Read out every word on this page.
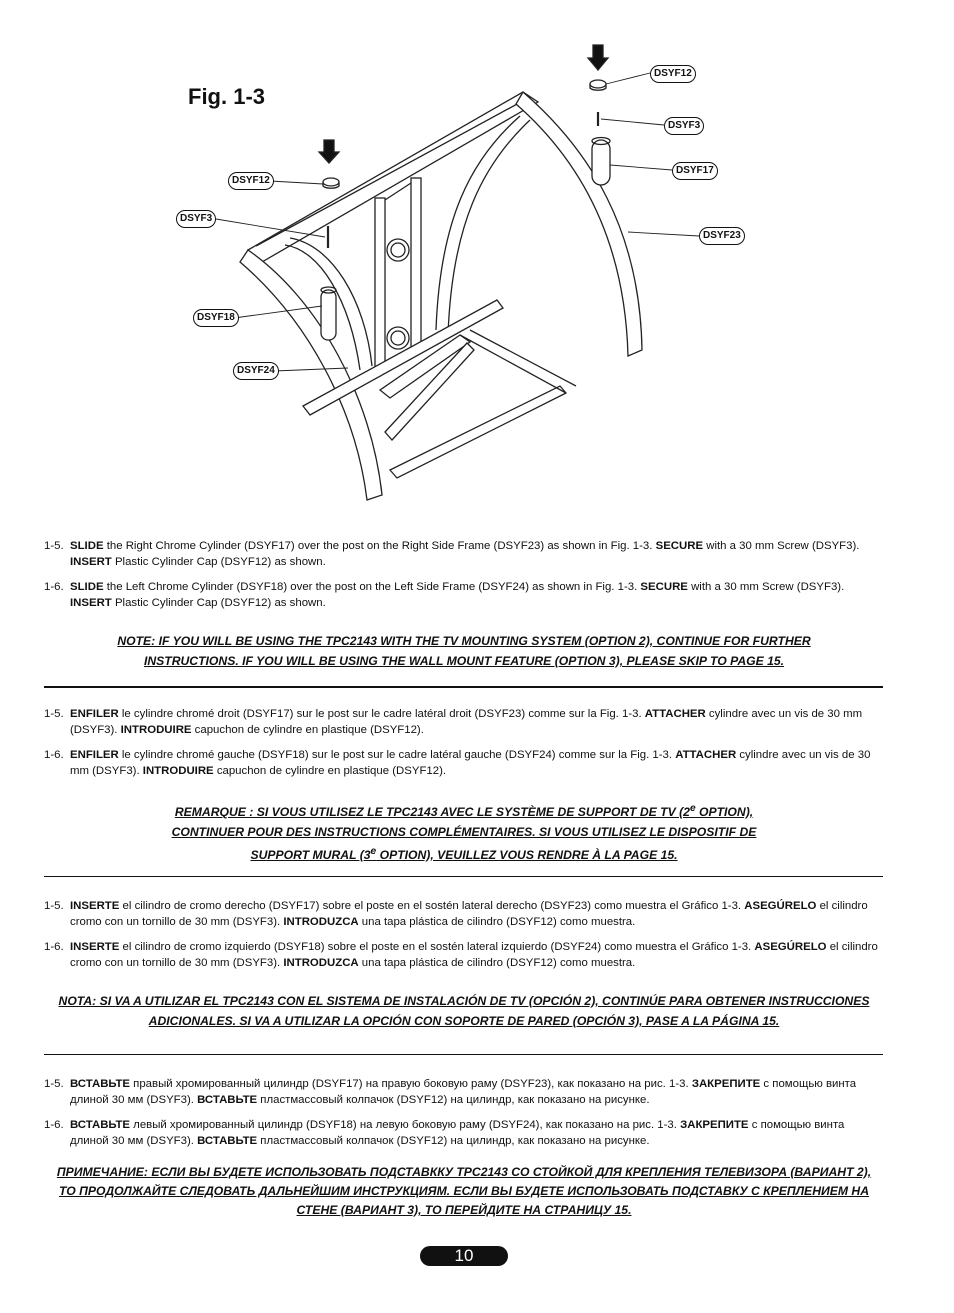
Fig. 1-3
DSYF12
DSYF3
DSYF17
DSYF23
DSYF12
DSYF3
DSYF18
DSYF24

1-5. SLIDE the Right Chrome Cylinder (DSYF17) over the post on the Right Side Frame (DSYF23) as shown in Fig. 1-3. SECURE with a 30 mm Screw (DSYF3). INSERT Plastic Cylinder Cap (DSYF12) as shown.

1-6. SLIDE the Left Chrome Cylinder (DSYF18) over the post on the Left Side Frame (DSYF24) as shown in Fig. 1-3. SECURE with a 30 mm Screw (DSYF3). INSERT Plastic Cylinder Cap (DSYF12) as shown.

NOTE: IF YOU WILL BE USING THE TPC2143 WITH THE TV MOUNTING SYSTEM (OPTION 2), CONTINUE FOR FURTHER INSTRUCTIONS. IF YOU WILL BE USING THE WALL MOUNT FEATURE (OPTION 3), PLEASE SKIP TO PAGE 15.

1-5. ENFILER le cylindre chromé droit (DSYF17) sur le post sur le cadre latéral droit (DSYF23) comme sur la Fig. 1-3. ATTACHER cylindre avec un vis de 30 mm (DSYF3). INTRODUIRE capuchon de cylindre en plastique (DSYF12).

1-6. ENFILER le cylindre chromé gauche (DSYF18) sur le post sur le cadre latéral gauche (DSYF24) comme sur la Fig. 1-3. ATTACHER cylindre avec un vis de 30 mm (DSYF3). INTRODUIRE capuchon de cylindre en plastique (DSYF12).

REMARQUE : SI VOUS UTILISEZ LE TPC2143 AVEC LE SYSTÈME DE SUPPORT DE TV (2e OPTION),
CONTINUER POUR DES INSTRUCTIONS COMPLÉMENTAIRES. SI VOUS UTILISEZ LE DISPOSITIF DE
SUPPORT MURAL (3e OPTION), VEUILLEZ VOUS RENDRE À LA PAGE 15.

1-5. INSERTE el cilindro de cromo derecho (DSYF17) sobre el poste en el sostén lateral derecho (DSYF23) como muestra el Gráfico 1-3. ASEGÚRELO el cilindro cromo con un tornillo de 30 mm (DSYF3). INTRODUZCA una tapa plástica de cilindro (DSYF12) como muestra.

1-6. INSERTE el cilindro de cromo izquierdo (DSYF18) sobre el poste en el sostén lateral izquierdo (DSYF24) como muestra el Gráfico 1-3. ASEGÚRELO el cilindro cromo con un tornillo de 30 mm (DSYF3). INTRODUZCA una tapa plástica de cilindro (DSYF12) como muestra.

NOTA: SI VA A UTILIZAR EL TPC2143 CON EL SISTEMA DE INSTALACIÓN DE TV (OPCIÓN 2), CONTINÚE PARA OBTENER INSTRUCCIONES ADICIONALES. SI VA A UTILIZAR LA OPCIÓN CON SOPORTE DE PARED (OPCIÓN 3), PASE A LA PÁGINA 15.

1-5. ВСТАВЬТЕ правый хромированный цилиндр (DSYF17) на правую боковую раму (DSYF23), как показано на рис. 1-3. ЗАКРЕПИТЕ с помощью винта длиной 30 мм (DSYF3). ВСТАВЬТЕ пластмассовый колпачок (DSYF12) на цилиндр, как показано на рисунке.

1-6. ВСТАВЬТЕ левый хромированный цилиндр (DSYF18) на левую боковую раму (DSYF24), как показано на рис. 1-3. ЗАКРЕПИТЕ с помощью винта длиной 30 мм (DSYF3). ВСТАВЬТЕ пластмассовый колпачок (DSYF12) на цилиндр, как показано на рисунке.

ПРИМЕЧАНИЕ: ЕСЛИ ВЫ БУДЕТЕ ИСПОЛЬЗОВАТЬ ПОДСТАВККУ TPC2143 СО СТОЙКОЙ ДЛЯ КРЕПЛЕНИЯ ТЕЛЕВИЗОРА (ВАРИАНТ 2), ТО ПРОДОЛЖАЙТЕ СЛЕДОВАТЬ ДАЛЬНЕЙШИМ ИНСТРУКЦИЯМ. ЕСЛИ ВЫ БУДЕТЕ ИСПОЛЬЗОВАТЬ ПОДСТАВКУ С КРЕПЛЕНИЕМ НА СТЕНЕ (ВАРИАНТ 3), ТО ПЕРЕЙДИТЕ НА СТРАНИЦУ 15.
10
